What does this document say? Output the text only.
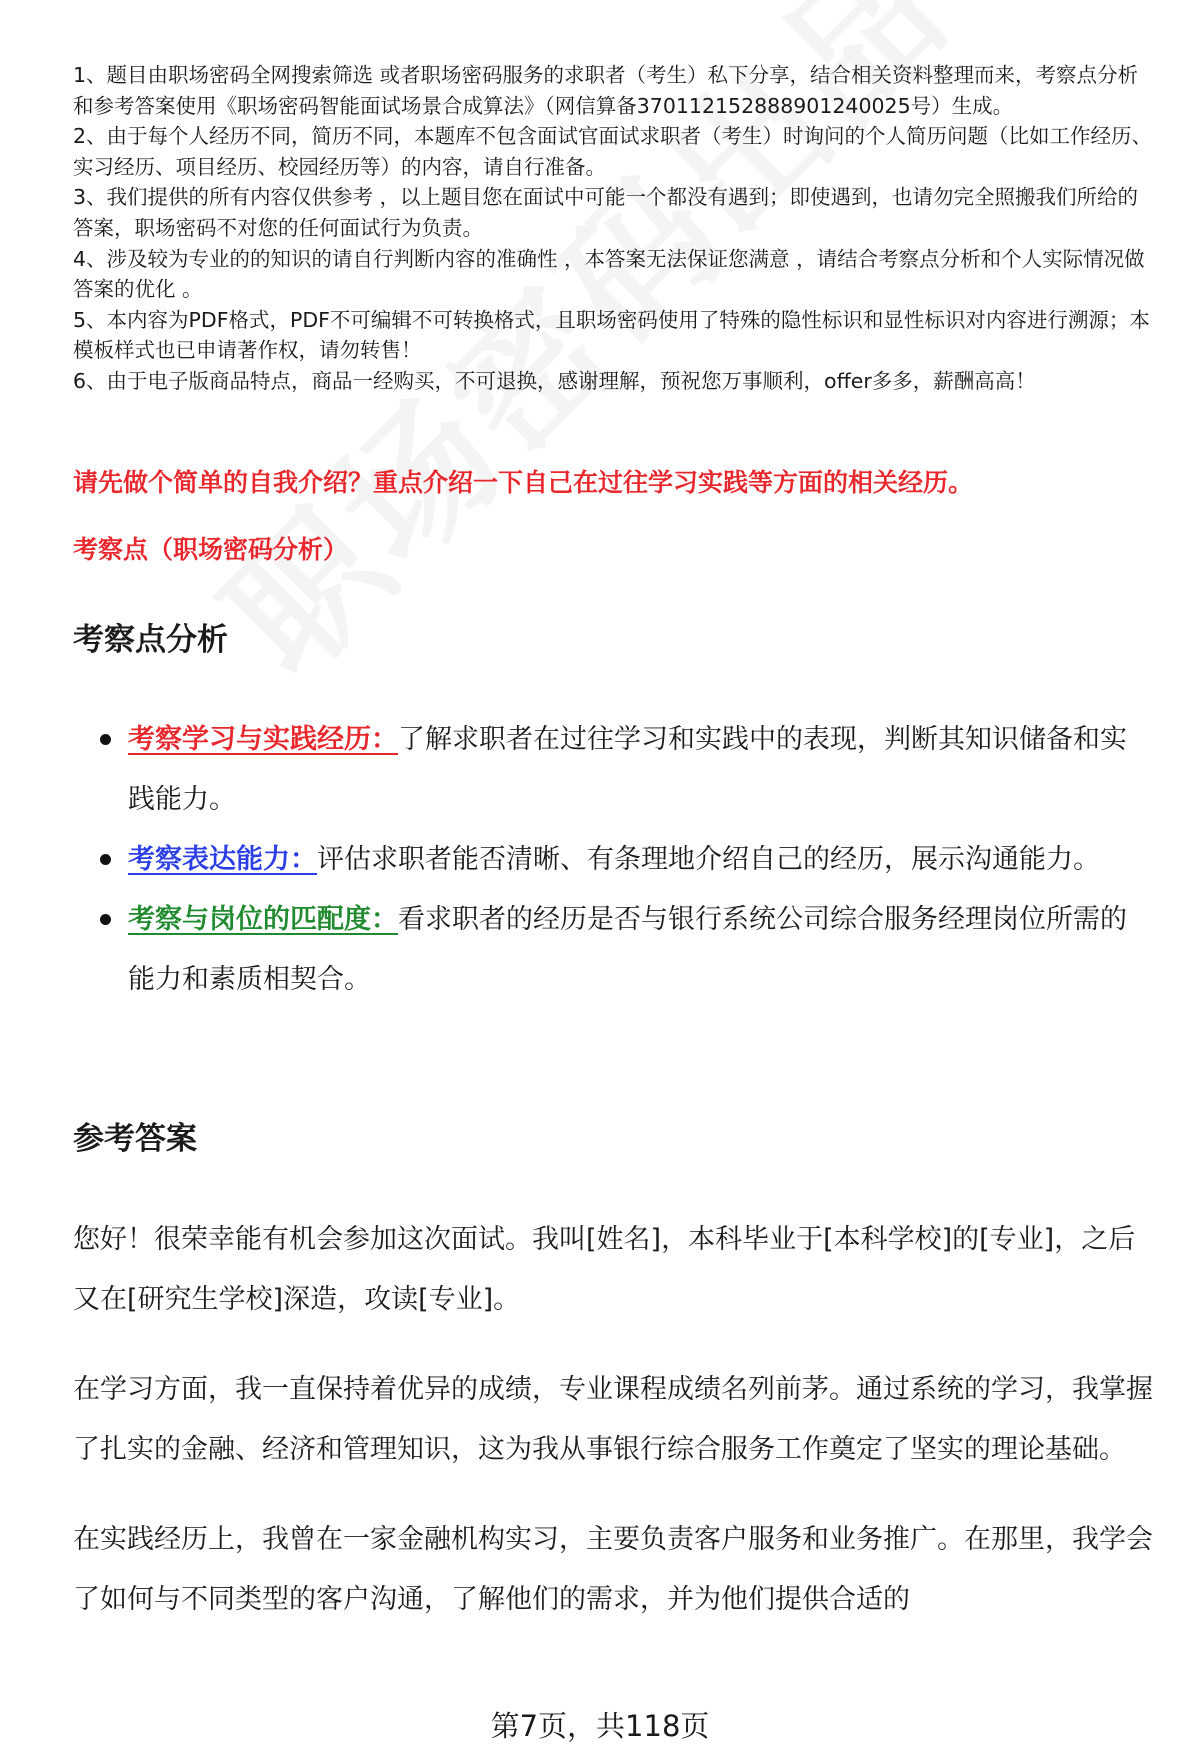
1、题目由职场密码全网搜索筛选 或者职场密码服务的求职者（考生）私下分享，结合相关资料整理而来，考察点分析和参考答案使用《职场密码智能面试场景合成算法》（网信算备370112152888901240025号）生成。

2、由于每个人经历不同，简历不同，本题库不包含面试官面试求职者（考生）时询问的个人简历问题（比如工作经历、实习经历、项目经历、校园经历等）的内容，请自行准备。

3、我们提供的所有内容仅供参考 ，以上题目您在面试中可能一个都没有遇到；即使遇到，也请勿完全照搬我们所给的答案，职场密码不对您的任何面试行为负责。

4、涉及较为专业的的知识的请自行判断内容的准确性 ，本答案无法保证您满意 ，请结合考察点分析和个人实际情况做答案的优化 。

5、本内容为PDF格式，PDF不可编辑不可转换格式，且职场密码使用了特殊的隐性标识和显性标识对内容进行溯源；本模板样式也已申请著作权，请勿转售！

6、由于电子版商品特点，商品一经购买，不可退换，感谢理解，预祝您万事顺利，offer多多，薪酬高高！

请先做个简单的自我介绍？重点介绍一下自己在过往学习实践等方面的相关经历。
考察点（职场密码分析）
考察点分析
考察学习与实践经历：了解求职者在过往学习和实践中的表现，判断其知识储备和实践能力。
考察表达能力：评估求职者能否清晰、有条理地介绍自己的经历，展示沟通能力。
考察与岗位的匹配度：看求职者的经历是否与银行系统公司综合服务经理岗位所需的能力和素质相契合。
参考答案

您好！很荣幸能有机会参加这次面试。我叫[姓名]，本科毕业于[本科学校]的[专业]，之后又在[研究生学校]深造，攻读[专业]。

在学习方面，我一直保持着优异的成绩，专业课程成绩名列前茅。通过系统的学习，我掌握了扎实的金融、经济和管理知识，这为我从事银行综合服务工作奠定了坚实的理论基础。

在实践经历上，我曾在一家金融机构实习，主要负责客户服务和业务推广。在那里，我学会了如何与不同类型的客户沟通，了解他们的需求，并为他们提供合适的

第7页，共118页
